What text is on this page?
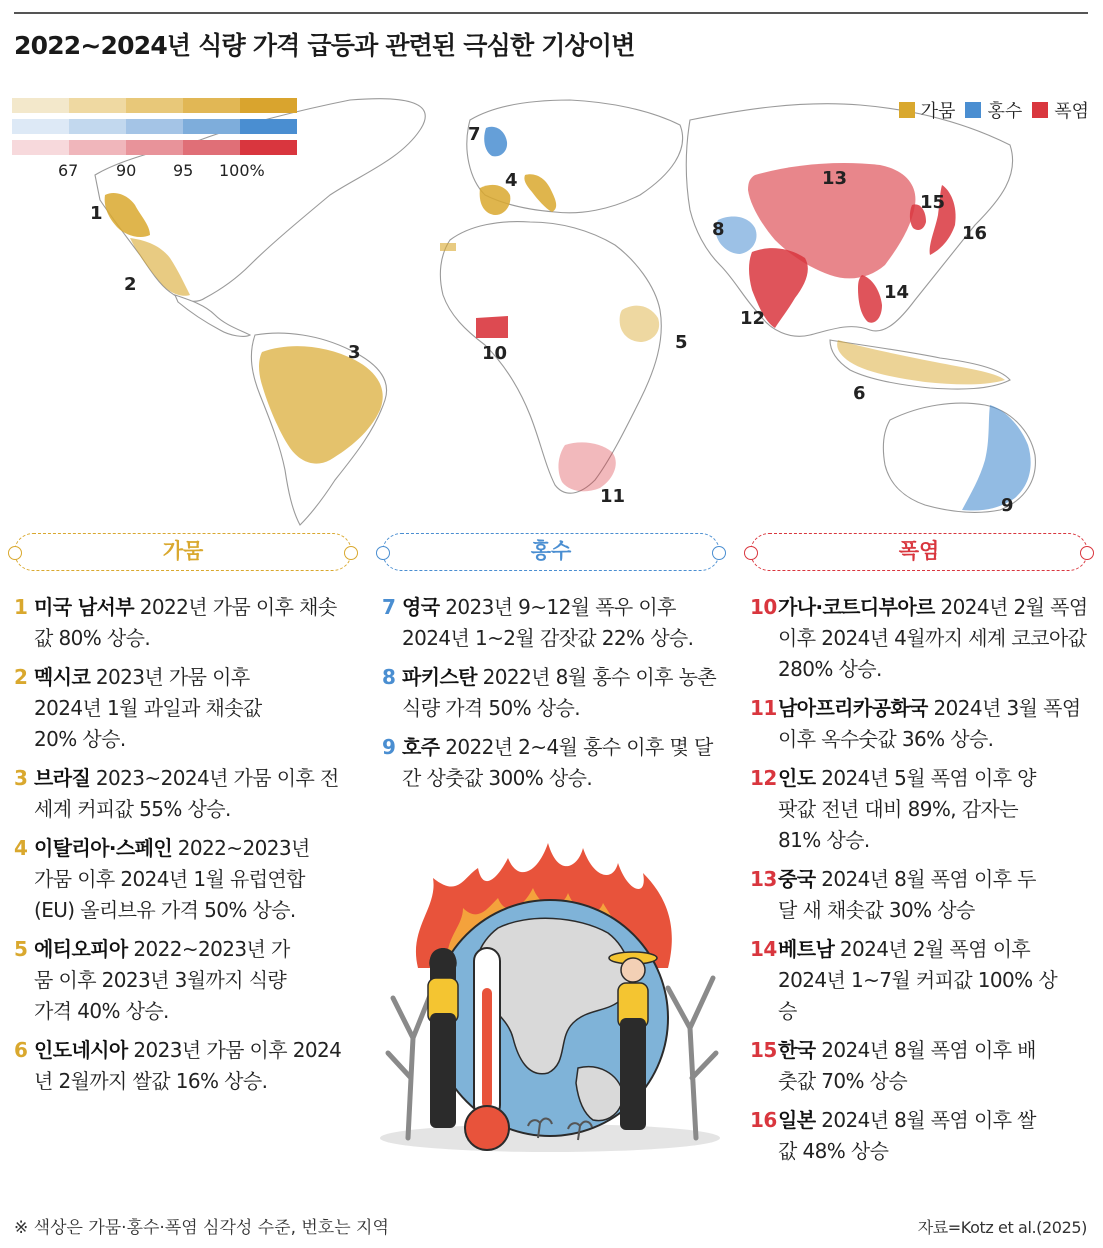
2022~2024년 식량 가격 급등과 관련된 극심한 기상이변
67 90 95 100%
가뭄 홍수 폭염
1
2
3
4
5
6
7
8
9
10
11
12
13
14
15
16
가뭄	홍수	폭염
1 미국 남서부 2022년 가뭄 이후 채솟값 80% 상승.
2 멕시코 2023년 가뭄 이후 2024년 1월 과일과 채솟값 20% 상승.
3 브라질 2023~2024년 가뭄 이후 전 세계 커피값 55% 상승.
4 이탈리아·스페인 2022~2023년 가뭄 이후 2024년 1월 유럽연합(EU) 올리브유 가격 50% 상승.
5 에티오피아 2022~2023년 가뭄 이후 2023년 3월까지 식량 가격 40% 상승.
6 인도네시아 2023년 가뭄 이후 2024년 2월까지 쌀값 16% 상승.
7 영국 2023년 9~12월 폭우 이후 2024년 1~2월 감잣값 22% 상승.
8 파키스탄 2022년 8월 홍수 이후 농촌 식량 가격 50% 상승.
9 호주 2022년 2~4월 홍수 이후 몇 달간 상춧값 300% 상승.
10 가나·코트디부아르 2024년 2월 폭염 이후 2024년 4월까지 세계 코코아값 280% 상승.
11 남아프리카공화국 2024년 3월 폭염 이후 옥수숫값 36% 상승.
12 인도 2024년 5월 폭염 이후 양팟값 전년 대비 89%, 감자는 81% 상승.
13 중국 2024년 8월 폭염 이후 두 달 새 채솟값 30% 상승
14 베트남 2024년 2월 폭염 이후 2024년 1~7월 커피값 100% 상승
15 한국 2024년 8월 폭염 이후 배춧값 70% 상승
16 일본 2024년 8월 폭염 이후 쌀값 48% 상승
※ 색상은 가뭄·홍수·폭염 심각성 수준, 번호는 지역	자료=Kotz et al.(2025)
